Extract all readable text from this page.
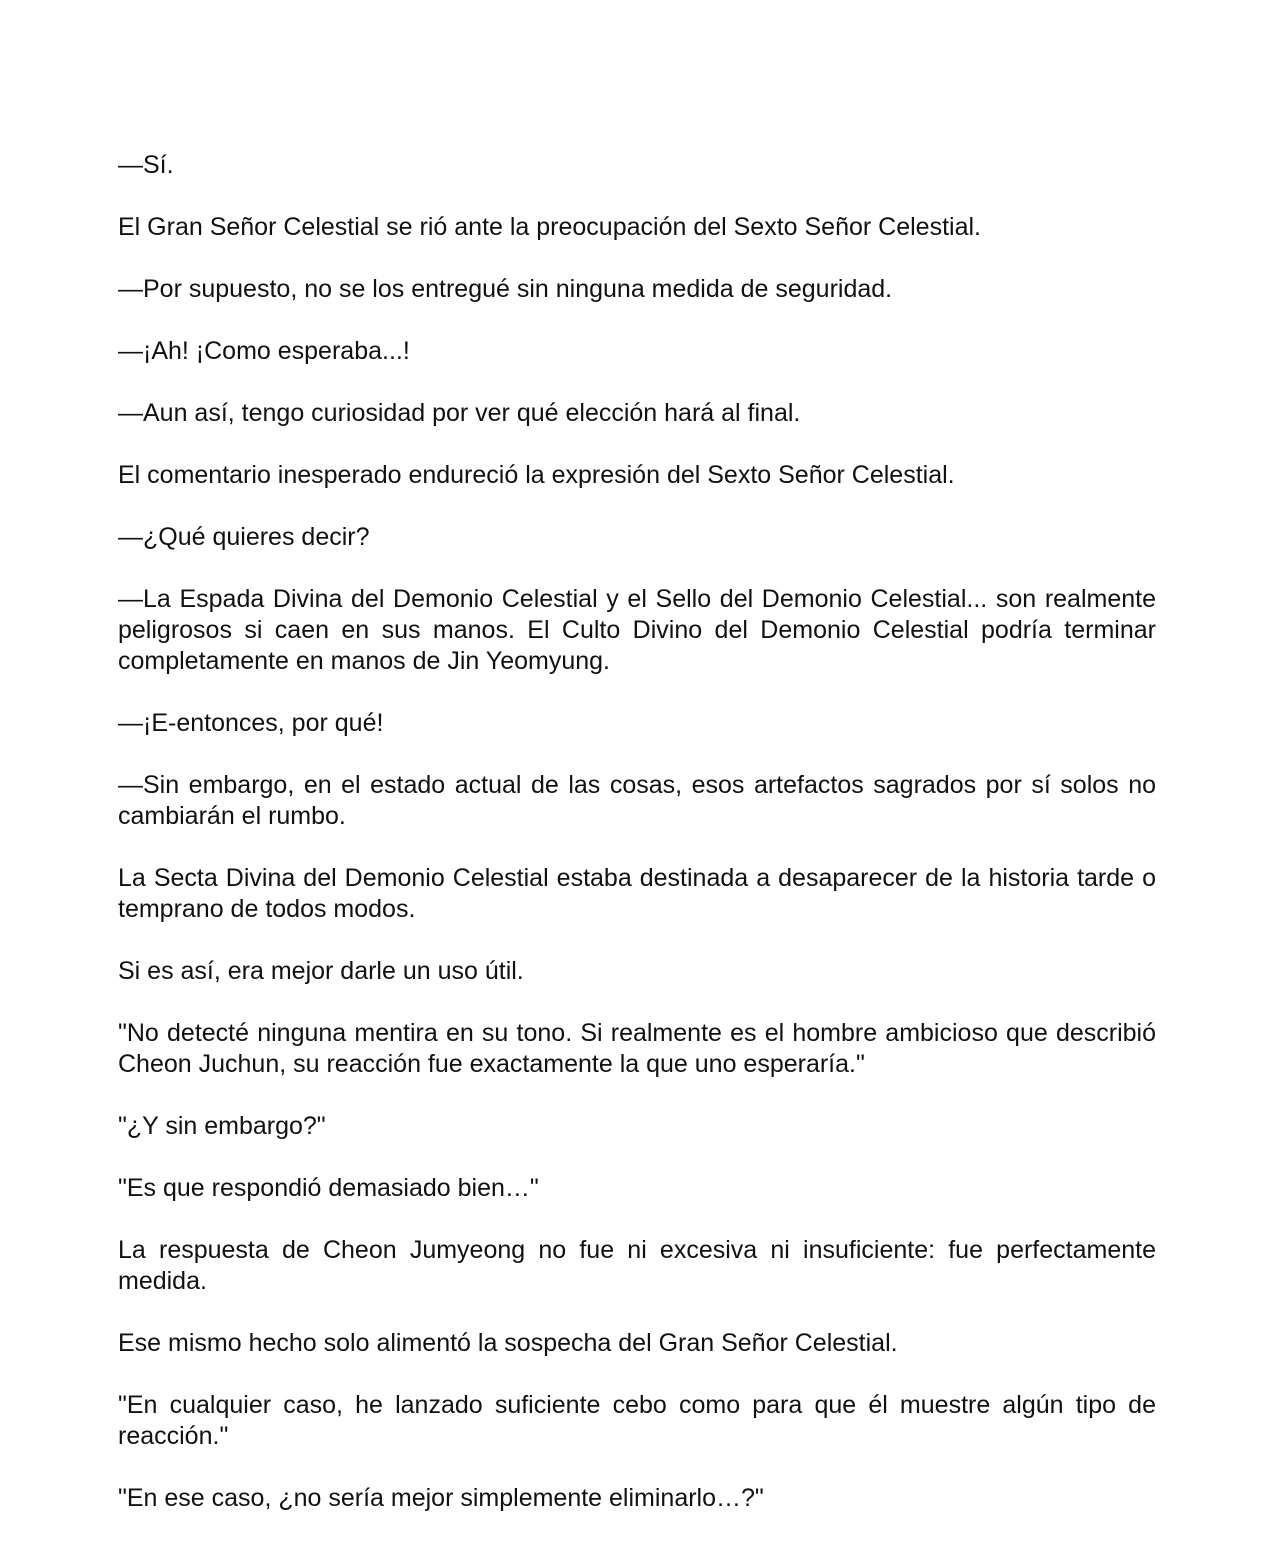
—Sí.

El Gran Señor Celestial se rió ante la preocupación del Sexto Señor Celestial.

—Por supuesto, no se los entregué sin ninguna medida de seguridad.

—¡Ah! ¡Como esperaba...!

—Aun así, tengo curiosidad por ver qué elección hará al final.

El comentario inesperado endureció la expresión del Sexto Señor Celestial.

—¿Qué quieres decir?

—La Espada Divina del Demonio Celestial y el Sello del Demonio Celestial... son realmente peligrosos si caen en sus manos. El Culto Divino del Demonio Celestial podría terminar completamente en manos de Jin Yeomyung.

—¡E-entonces, por qué!

—Sin embargo, en el estado actual de las cosas, esos artefactos sagrados por sí solos no cambiarán el rumbo.

La Secta Divina del Demonio Celestial estaba destinada a desaparecer de la historia tarde o temprano de todos modos.

Si es así, era mejor darle un uso útil.

"No detecté ninguna mentira en su tono. Si realmente es el hombre ambicioso que describió Cheon Juchun, su reacción fue exactamente la que uno esperaría."

"¿Y sin embargo?"

"Es que respondió demasiado bien…"

La respuesta de Cheon Jumyeong no fue ni excesiva ni insuficiente: fue perfectamente medida.

Ese mismo hecho solo alimentó la sospecha del Gran Señor Celestial.

"En cualquier caso, he lanzado suficiente cebo como para que él muestre algún tipo de reacción."

"En ese caso, ¿no sería mejor simplemente eliminarlo…?"
